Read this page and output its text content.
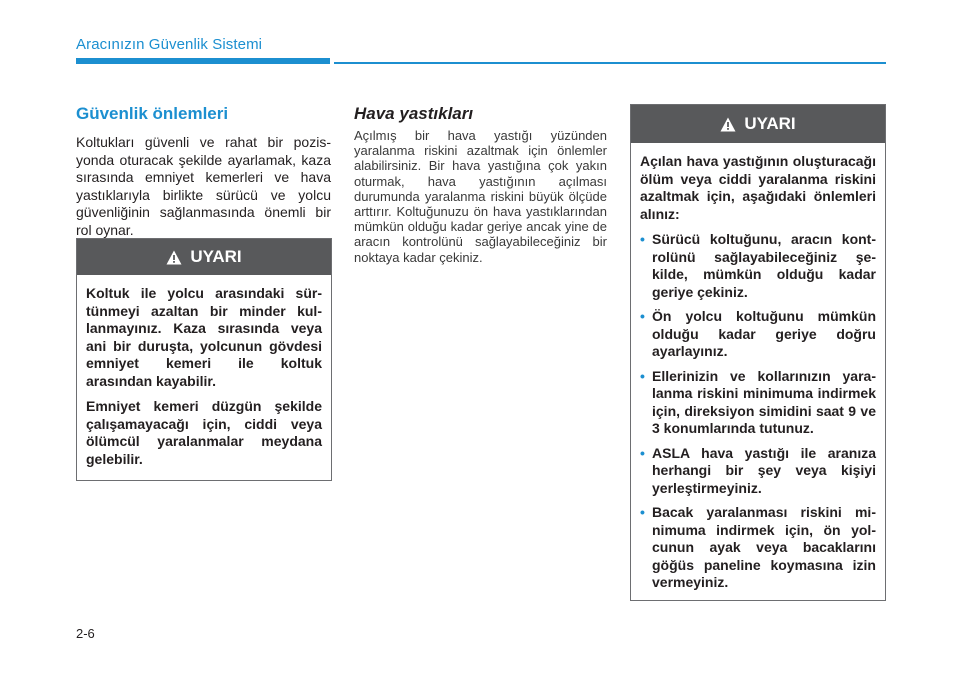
Aracınızın Güvenlik Sistemi
Güvenlik önlemleri

Koltukları güvenli ve rahat bir pozisyonda oturacak şekilde ayarlamak, kaza sırasında emniyet kemerleri ve hava yastıklarıyla birlikte sürücü ve yolcu güvenliğinin sağlanmasında önemli bir rol oynar.

UYARI

Koltuk ile yolcu arasındaki sürtünmeyi azaltan bir minder kullanmayınız. Kaza sırasında veya ani bir duruşta, yolcunun gövdesi emniyet kemeri ile koltuk arasından kayabilir.

Emniyet kemeri düzgün şekilde çalışamayacağı için, ciddi veya ölümcül yaralanmalar meydana gelebilir.

Hava yastıkları

Açılmış bir hava yastığı yüzünden yaralanma riskini azaltmak için önlemler alabilirsiniz. Bir hava yastığına çok yakın oturmak, hava yastığının açılması durumunda yaralanma riskini büyük ölçüde arttırır. Koltuğunuzu ön hava yastıklarından mümkün olduğu kadar geriye ancak yine de aracın kontrolünü sağlayabileceğiniz bir noktaya kadar çekiniz.

UYARI

Açılan hava yastığının oluşturacağı ölüm veya ciddi yaralanma riskini azaltmak için, aşağıdaki önlemleri alınız:

• Sürücü koltuğunu, aracın kontrolünü sağlayabileceğiniz şekilde, mümkün olduğu kadar geriye çekiniz.
• Ön yolcu koltuğunu mümkün olduğu kadar geriye doğru ayarlayınız.
• Ellerinizin ve kollarınızın yaralanma riskini minimuma indirmek için, direksiyon simidini saat 9 ve 3 konumlarında tutunuz.
• ASLA hava yastığı ile aranıza herhangi bir şey veya kişiyi yerleştirmeyiniz.
• Bacak yaralanması riskini minimuma indirmek için, ön yolcunun ayak veya bacaklarını göğüs paneline koymasına izin vermeyiniz.
2-6
